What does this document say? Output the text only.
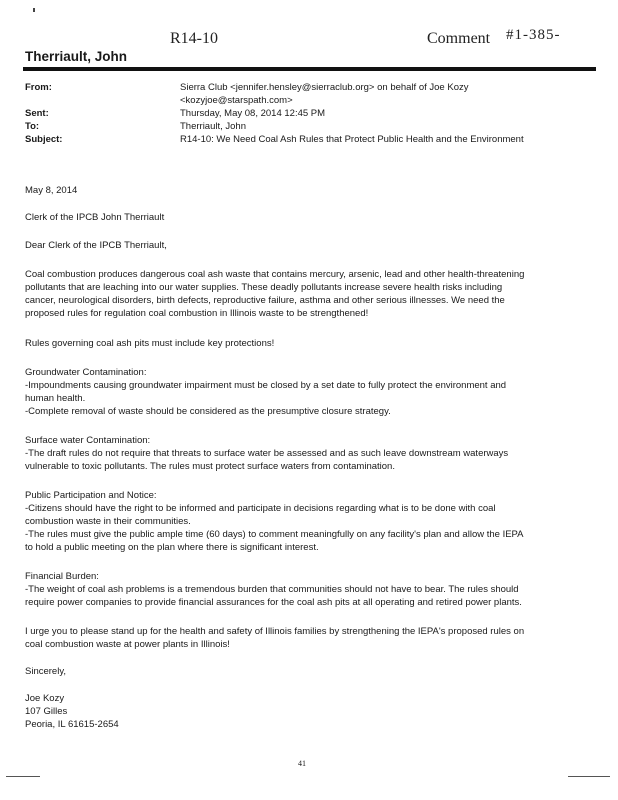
R14-10	Comment #1-385-
Therriault, John
From:	Sierra Club <jennifer.hensley@sierraclub.org> on behalf of Joe Kozy
<kozyjoe@starspath.com>
Sent:	Thursday, May 08, 2014 12:45 PM
To:	Therriault, John
Subject:	R14-10: We Need Coal Ash Rules that Protect Public Health and the Environment
May 8, 2014
Clerk of the IPCB John Therriault
Dear Clerk of the IPCB Therriault,
Coal combustion produces dangerous coal ash waste that contains mercury, arsenic, lead and other health-threatening
pollutants that are leaching into our water supplies. These deadly pollutants increase severe health risks including
cancer, neurological disorders, birth defects, reproductive failure, asthma and other serious illnesses. We need the
proposed rules for regulation coal combustion in Illinois waste to be strengthened!
Rules governing coal ash pits must include key protections!
Groundwater Contamination:
-Impoundments causing groundwater impairment must be closed by a set date to fully protect the environment and
human health.
-Complete removal of waste should be considered as the presumptive closure strategy.
Surface water Contamination:
-The draft rules do not require that threats to surface water be assessed and as such leave downstream waterways
vulnerable to toxic pollutants. The rules must protect surface waters from contamination.
Public Participation and Notice:
-Citizens should have the right to be informed and participate in decisions regarding what is to be done with coal
combustion waste in their communities.
-The rules must give the public ample time (60 days) to comment meaningfully on any facility's plan and allow the IEPA
to hold a public meeting on the plan where there is significant interest.
Financial Burden:
-The weight of coal ash problems is a tremendous burden that communities should not have to bear. The rules should
require power companies to provide financial assurances for the coal ash pits at all operating and retired power plants.
I urge you to please stand up for the health and safety of Illinois families by strengthening the IEPA's proposed rules on
coal combustion waste at power plants in Illinois!
Sincerely,
Joe Kozy
107 Gilles
Peoria, IL 61615-2654
41
